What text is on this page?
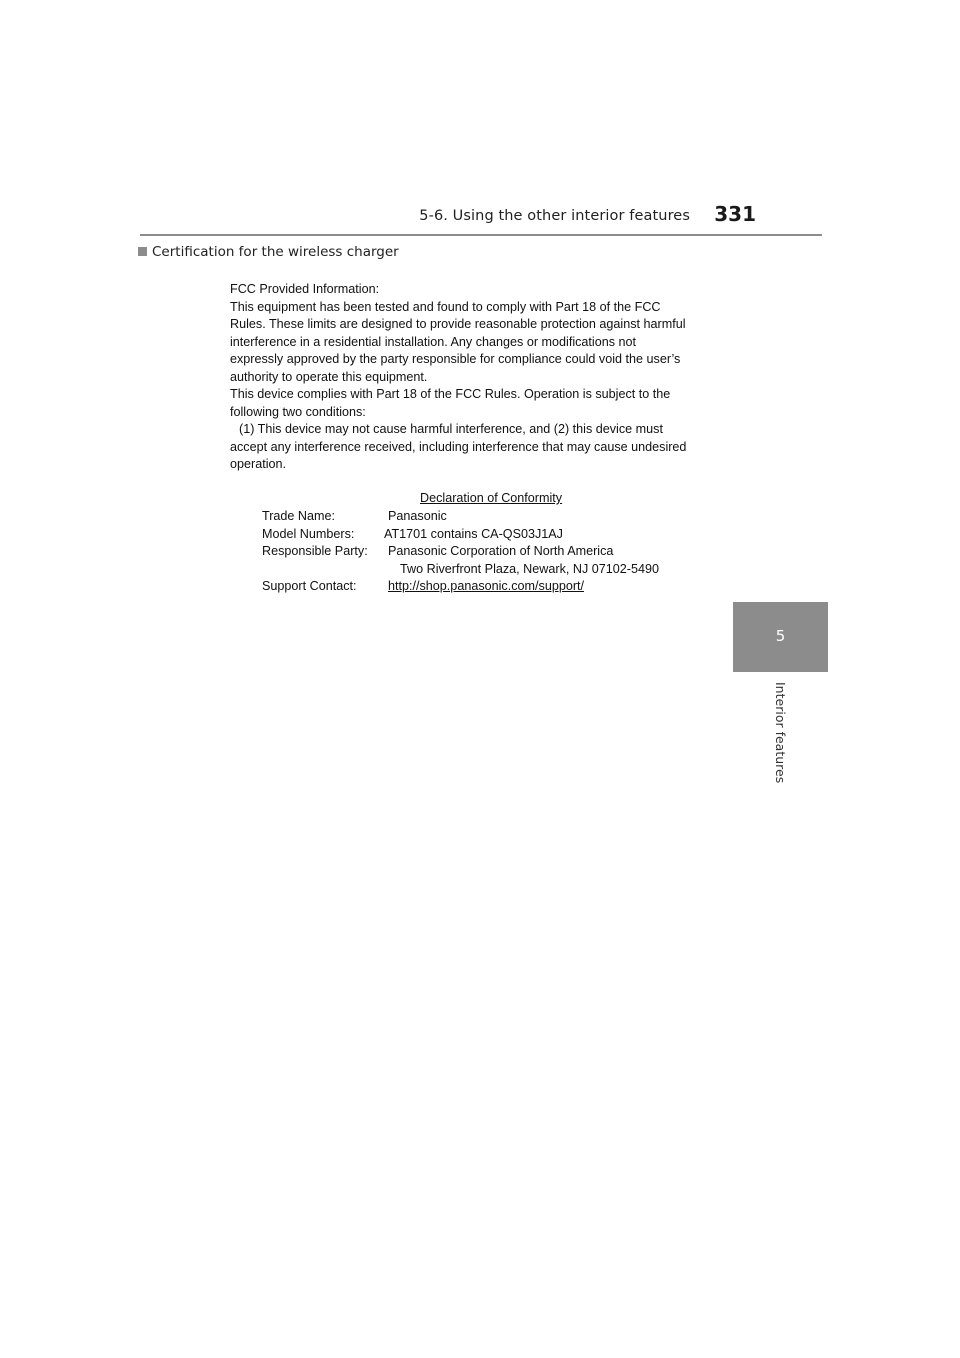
5-6. Using the other interior features 331
Certification for the wireless charger

FCC Provided Information:

This equipment has been tested and found to comply with Part 18 of the FCC

Rules. These limits are designed to provide reasonable protection against harmful

interference in a residential installation. Any changes or modifications not

expressly approved by the party responsible for compliance could void the user’s

authority to operate this equipment.

This device complies with Part 18 of the FCC Rules. Operation is subject to the

following two conditions:

(1) This device may not cause harmful interference, and (2) this device must

accept any interference received, including interference that may cause undesired

operation.

Declaration of Conformity
Trade Name:	Panasonic
Model Numbers: AT1701 contains CA-QS03J1AJ
Responsible Party: Panasonic Corporation of North America
Two Riverfront Plaza, Newark, NJ 07102-5490
Support Contact: http://shop.panasonic.com/support/
5
Interior features
